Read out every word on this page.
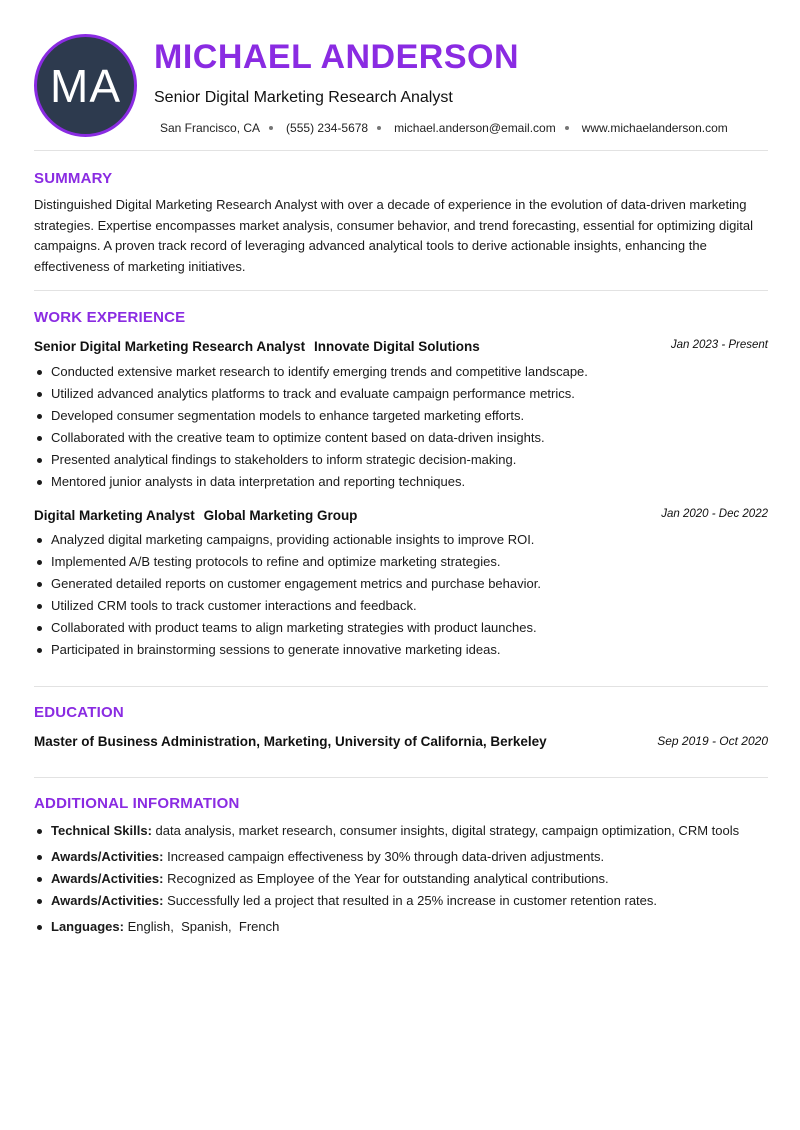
MA
MICHAEL ANDERSON
Senior Digital Marketing Research Analyst
San Francisco, CA (555) 234-5678 michael.anderson@email.com www.michaelanderson.com
SUMMARY
Distinguished Digital Marketing Research Analyst with over a decade of experience in the evolution of data-driven marketing strategies. Expertise encompasses market analysis, consumer behavior, and trend forecasting, essential for optimizing digital campaigns. A proven track record of leveraging advanced analytical tools to derive actionable insights, enhancing the effectiveness of marketing initiatives.
WORK EXPERIENCE
Senior Digital Marketing Research Analyst Innovate Digital Solutions	Jan 2023 - Present
Conducted extensive market research to identify emerging trends and competitive landscape.
Utilized advanced analytics platforms to track and evaluate campaign performance metrics.
Developed consumer segmentation models to enhance targeted marketing efforts.
Collaborated with the creative team to optimize content based on data-driven insights.
Presented analytical findings to stakeholders to inform strategic decision-making.
Mentored junior analysts in data interpretation and reporting techniques.
Digital Marketing Analyst Global Marketing Group	Jan 2020 - Dec 2022
Analyzed digital marketing campaigns, providing actionable insights to improve ROI.
Implemented A/B testing protocols to refine and optimize marketing strategies.
Generated detailed reports on customer engagement metrics and purchase behavior.
Utilized CRM tools to track customer interactions and feedback.
Collaborated with product teams to align marketing strategies with product launches.
Participated in brainstorming sessions to generate innovative marketing ideas.
EDUCATION
Master of Business Administration, Marketing, University of California, Berkeley	Sep 2019 - Oct 2020
ADDITIONAL INFORMATION
Technical Skills: data analysis, market research, consumer insights, digital strategy, campaign optimization, CRM tools
Awards/Activities: Increased campaign effectiveness by 30% through data-driven adjustments.
Awards/Activities: Recognized as Employee of the Year for outstanding analytical contributions.
Awards/Activities: Successfully led a project that resulted in a 25% increase in customer retention rates.
Languages: English,  Spanish,  French
